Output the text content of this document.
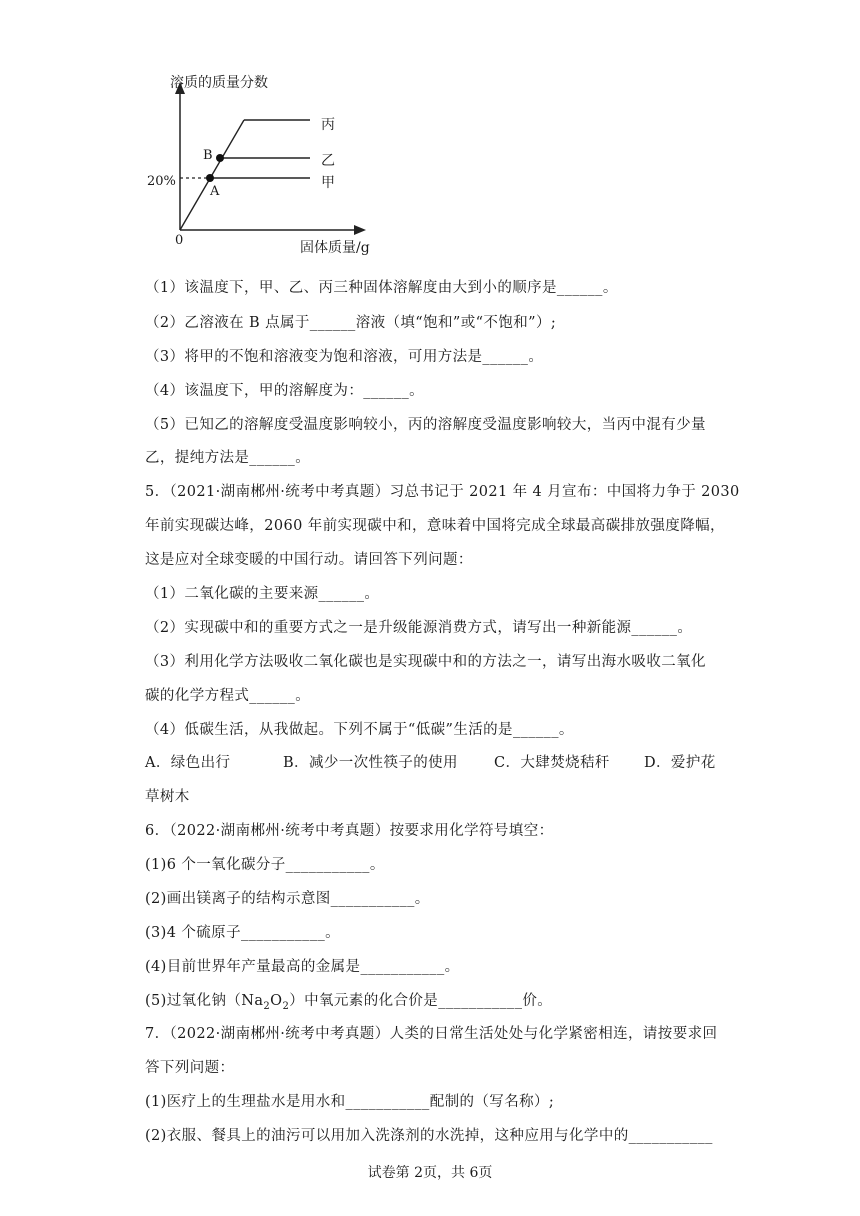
溶质的质量分数
丙
乙
甲
B
A
20%
0	固体质量/g
（1）该温度下，甲、乙、丙三种固体溶解度由大到小的顺序是______。
（2）乙溶液在 B 点属于______溶液（填“饱和”或“不饱和”）;
（3）将甲的不饱和溶液变为饱和溶液，可用方法是______。
（4）该温度下，甲的溶解度为：______。
（5）已知乙的溶解度受温度影响较小，丙的溶解度受温度影响较大，当丙中混有少量
乙，提纯方法是______。
5．（2021·湖南郴州·统考中考真题）习总书记于 2021 年 4 月宣布：中国将力争于 2030
年前实现碳达峰，2060 年前实现碳中和，意味着中国将完成全球最高碳排放强度降幅，
这是应对全球变暖的中国行动。请回答下列问题：
（1）二氧化碳的主要来源______。
（2）实现碳中和的重要方式之一是升级能源消费方式，请写出一种新能源______。
（3）利用化学方法吸收二氧化碳也是实现碳中和的方法之一，请写出海水吸收二氧化
碳的化学方程式______。
（4）低碳生活，从我做起。下列不属于“低碳”生活的是______。
A．绿色出行	B．减少一次性筷子的使用 C．大肆焚烧秸秆 D．爱护花
草树木
6．（2022·湖南郴州·统考中考真题）按要求用化学符号填空：
(1)6 个一氧化碳分子___________。
(2)画出镁离子的结构示意图___________。
(3)4 个硫原子___________。
(4)目前世界年产量最高的金属是___________。
(5)过氧化钠$(Na_2O_2)$中氧元素的化合价是___________价。
7．（2022·湖南郴州·统考中考真题）人类的日常生活处处与化学紧密相连，请按要求回
答下列问题：
(1)医疗上的生理盐水是用水和___________配制的（写名称）;
(2)衣服、餐具上的油污可以用加入洗涤剂的水洗掉，这种应用与化学中的___________
试卷第 2页，共 6页
